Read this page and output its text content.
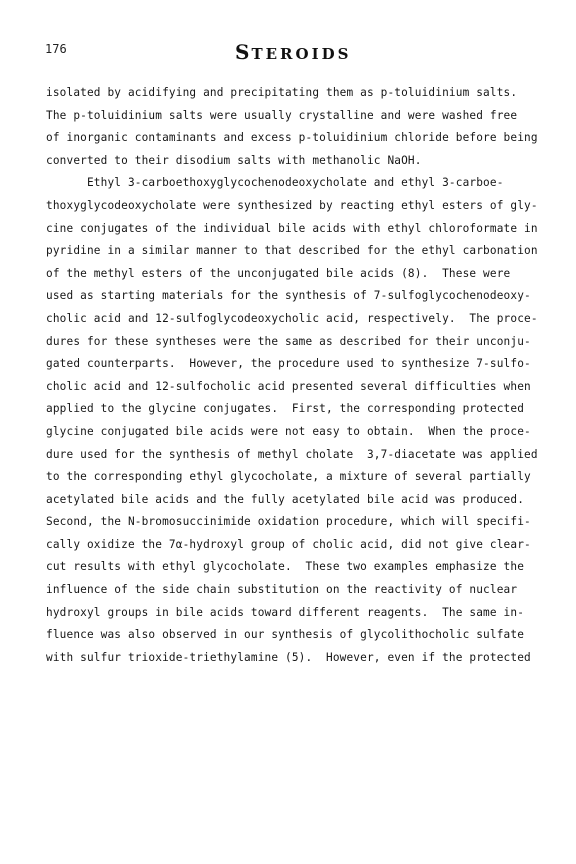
176	STEROIDS
isolated by acidifying and precipitating them as p-toluidinium salts.
The p-toluidinium salts were usually crystalline and were washed free
of inorganic contaminants and excess p-toluidinium chloride before being
converted to their disodium salts with methanolic NaOH.
Ethyl 3-carboethoxyglycochenodeoxycholate and ethyl 3-carboe-
thoxyglycodeoxycholate were synthesized by reacting ethyl esters of gly-
cine conjugates of the individual bile acids with ethyl chloroformate in
pyridine in a similar manner to that described for the ethyl carbonation
of the methyl esters of the unconjugated bile acids (8).  These were
used as starting materials for the synthesis of 7-sulfoglycochenodeoxy-
cholic acid and 12-sulfoglycodeoxycholic acid, respectively.  The proce-
dures for these syntheses were the same as described for their unconju-
gated counterparts.  However, the procedure used to synthesize 7-sulfo-
cholic acid and 12-sulfocholic acid presented several difficulties when
applied to the glycine conjugates.  First, the corresponding protected
glycine conjugated bile acids were not easy to obtain.  When the proce-
dure used for the synthesis of methyl cholate  3,7-diacetate was applied
to the corresponding ethyl glycocholate, a mixture of several partially
acetylated bile acids and the fully acetylated bile acid was produced.
Second, the N-bromosuccinimide oxidation procedure, which will specifi-
cally oxidize the 7α-hydroxyl group of cholic acid, did not give clear-
cut results with ethyl glycocholate.  These two examples emphasize the
influence of the side chain substitution on the reactivity of nuclear
hydroxyl groups in bile acids toward different reagents.  The same in-
fluence was also observed in our synthesis of glycolithocholic sulfate
with sulfur trioxide-triethylamine (5).  However, even if the protected
